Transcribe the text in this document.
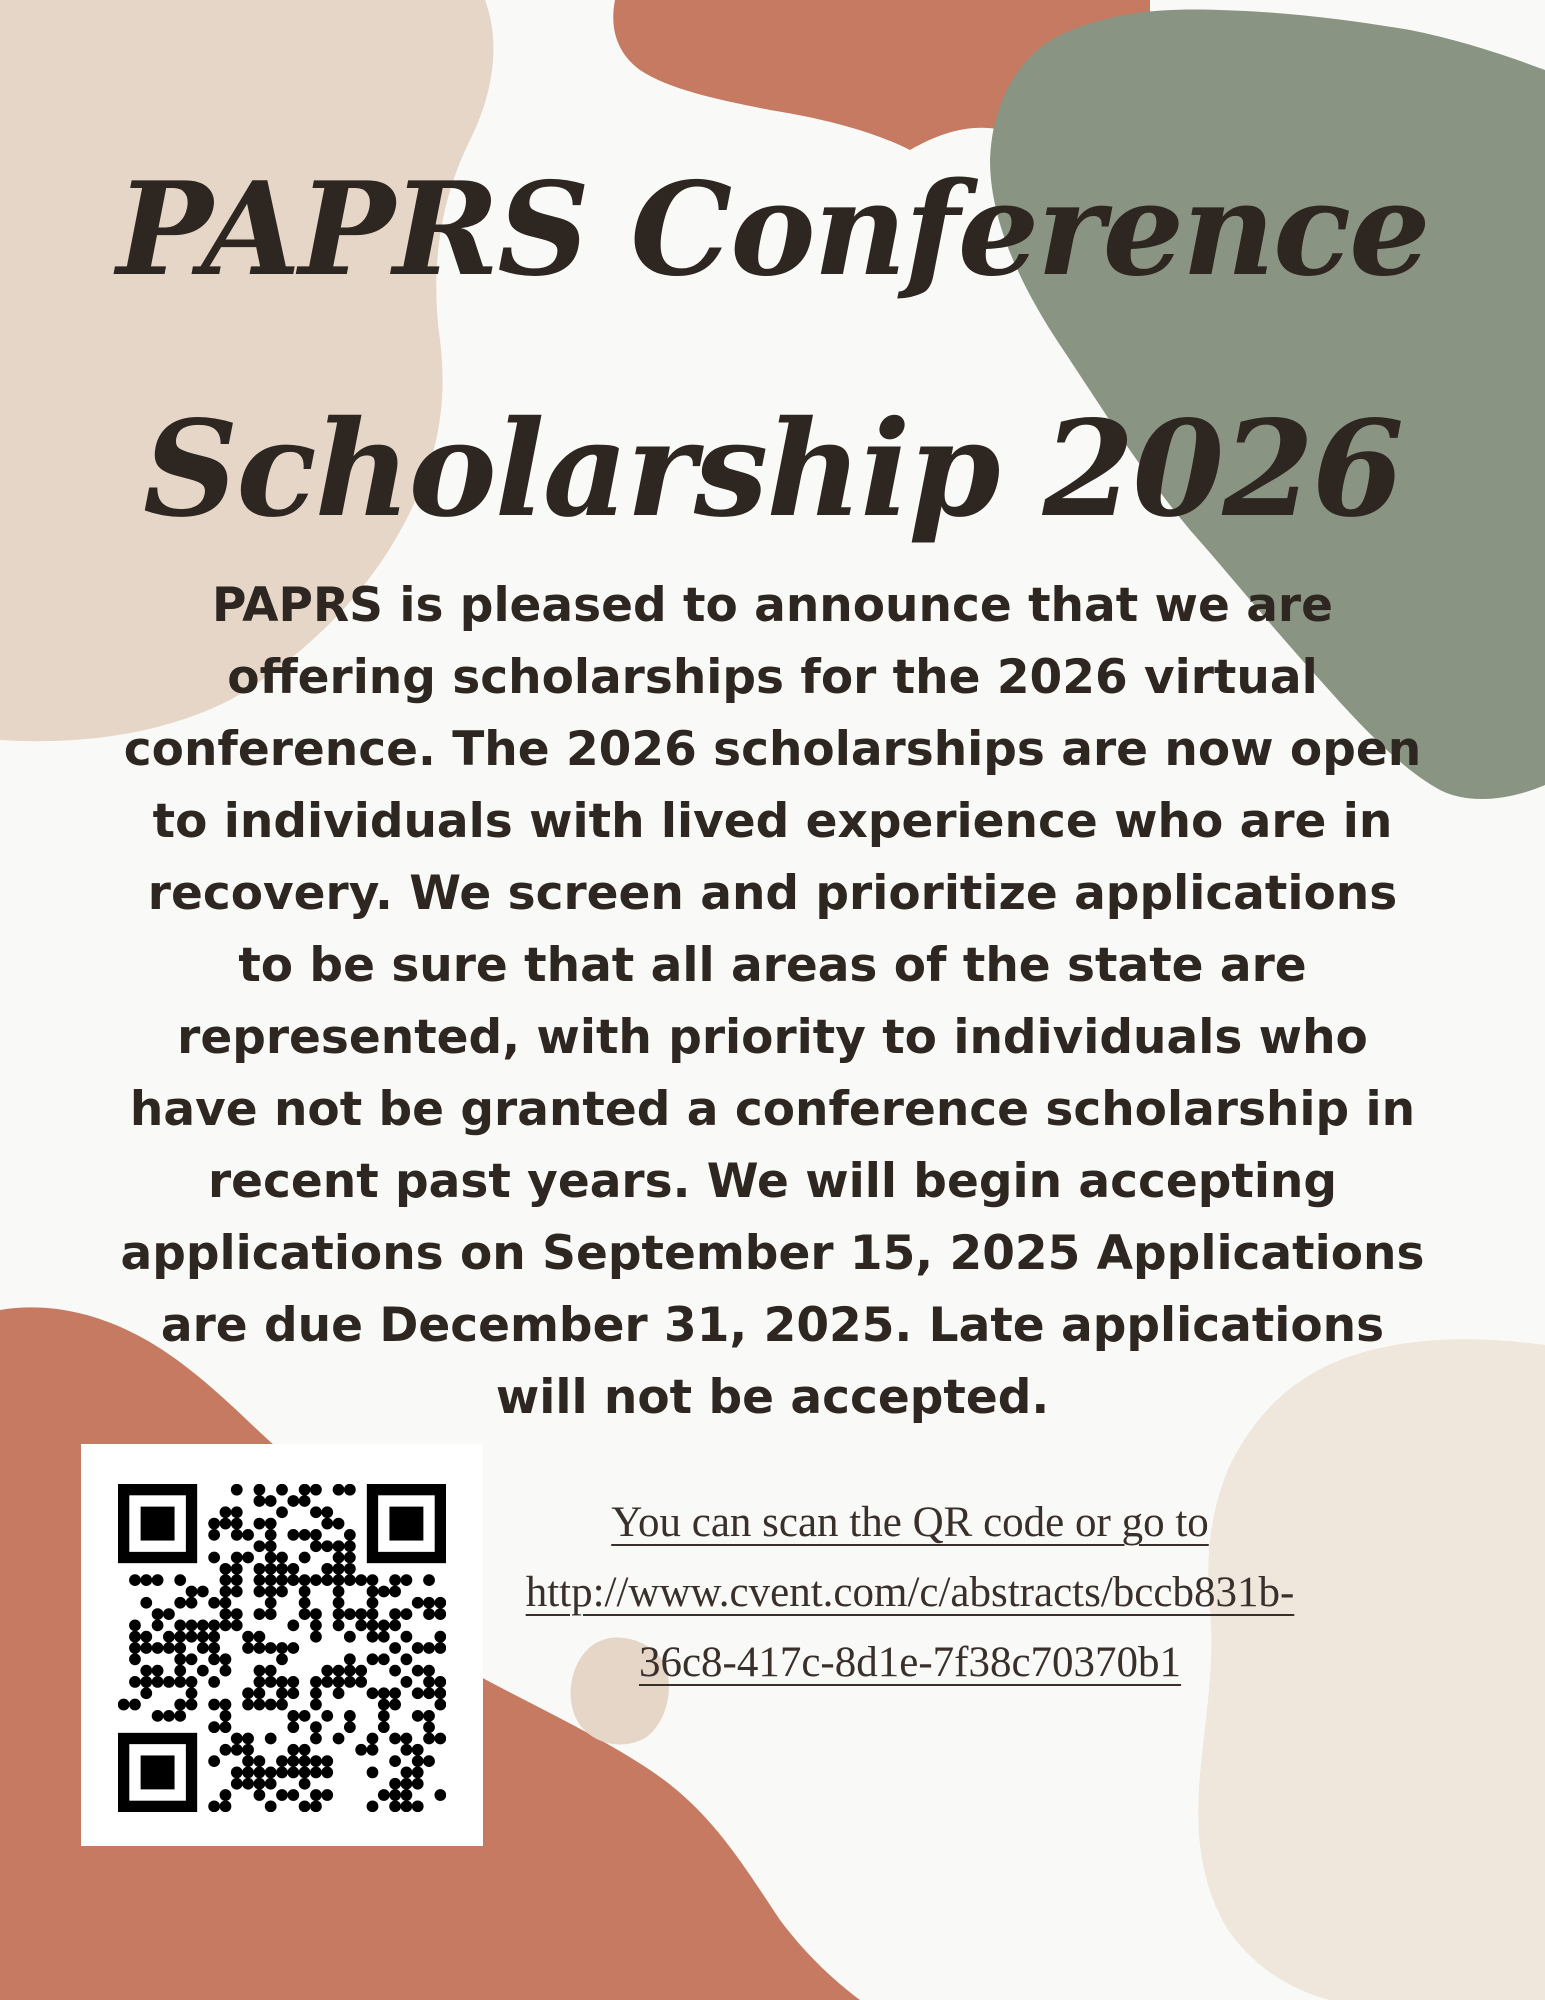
PAPRS Conference
Scholarship 2026
PAPRS is pleased to announce that we are offering scholarships for the 2026 virtual conference. The 2026 scholarships are now open to individuals with lived experience who are in recovery. We screen and prioritize applications to be sure that all areas of the state are represented, with priority to individuals who have not be granted a conference scholarship in recent past years. We will begin accepting applications on September 15, 2025 Applications are due December 31, 2025. Late applications will not be accepted.
You can scan the QR code or go to
http://www.cvent.com/c/abstracts/bccb831b-
36c8-417c-8d1e-7f38c70370b1
